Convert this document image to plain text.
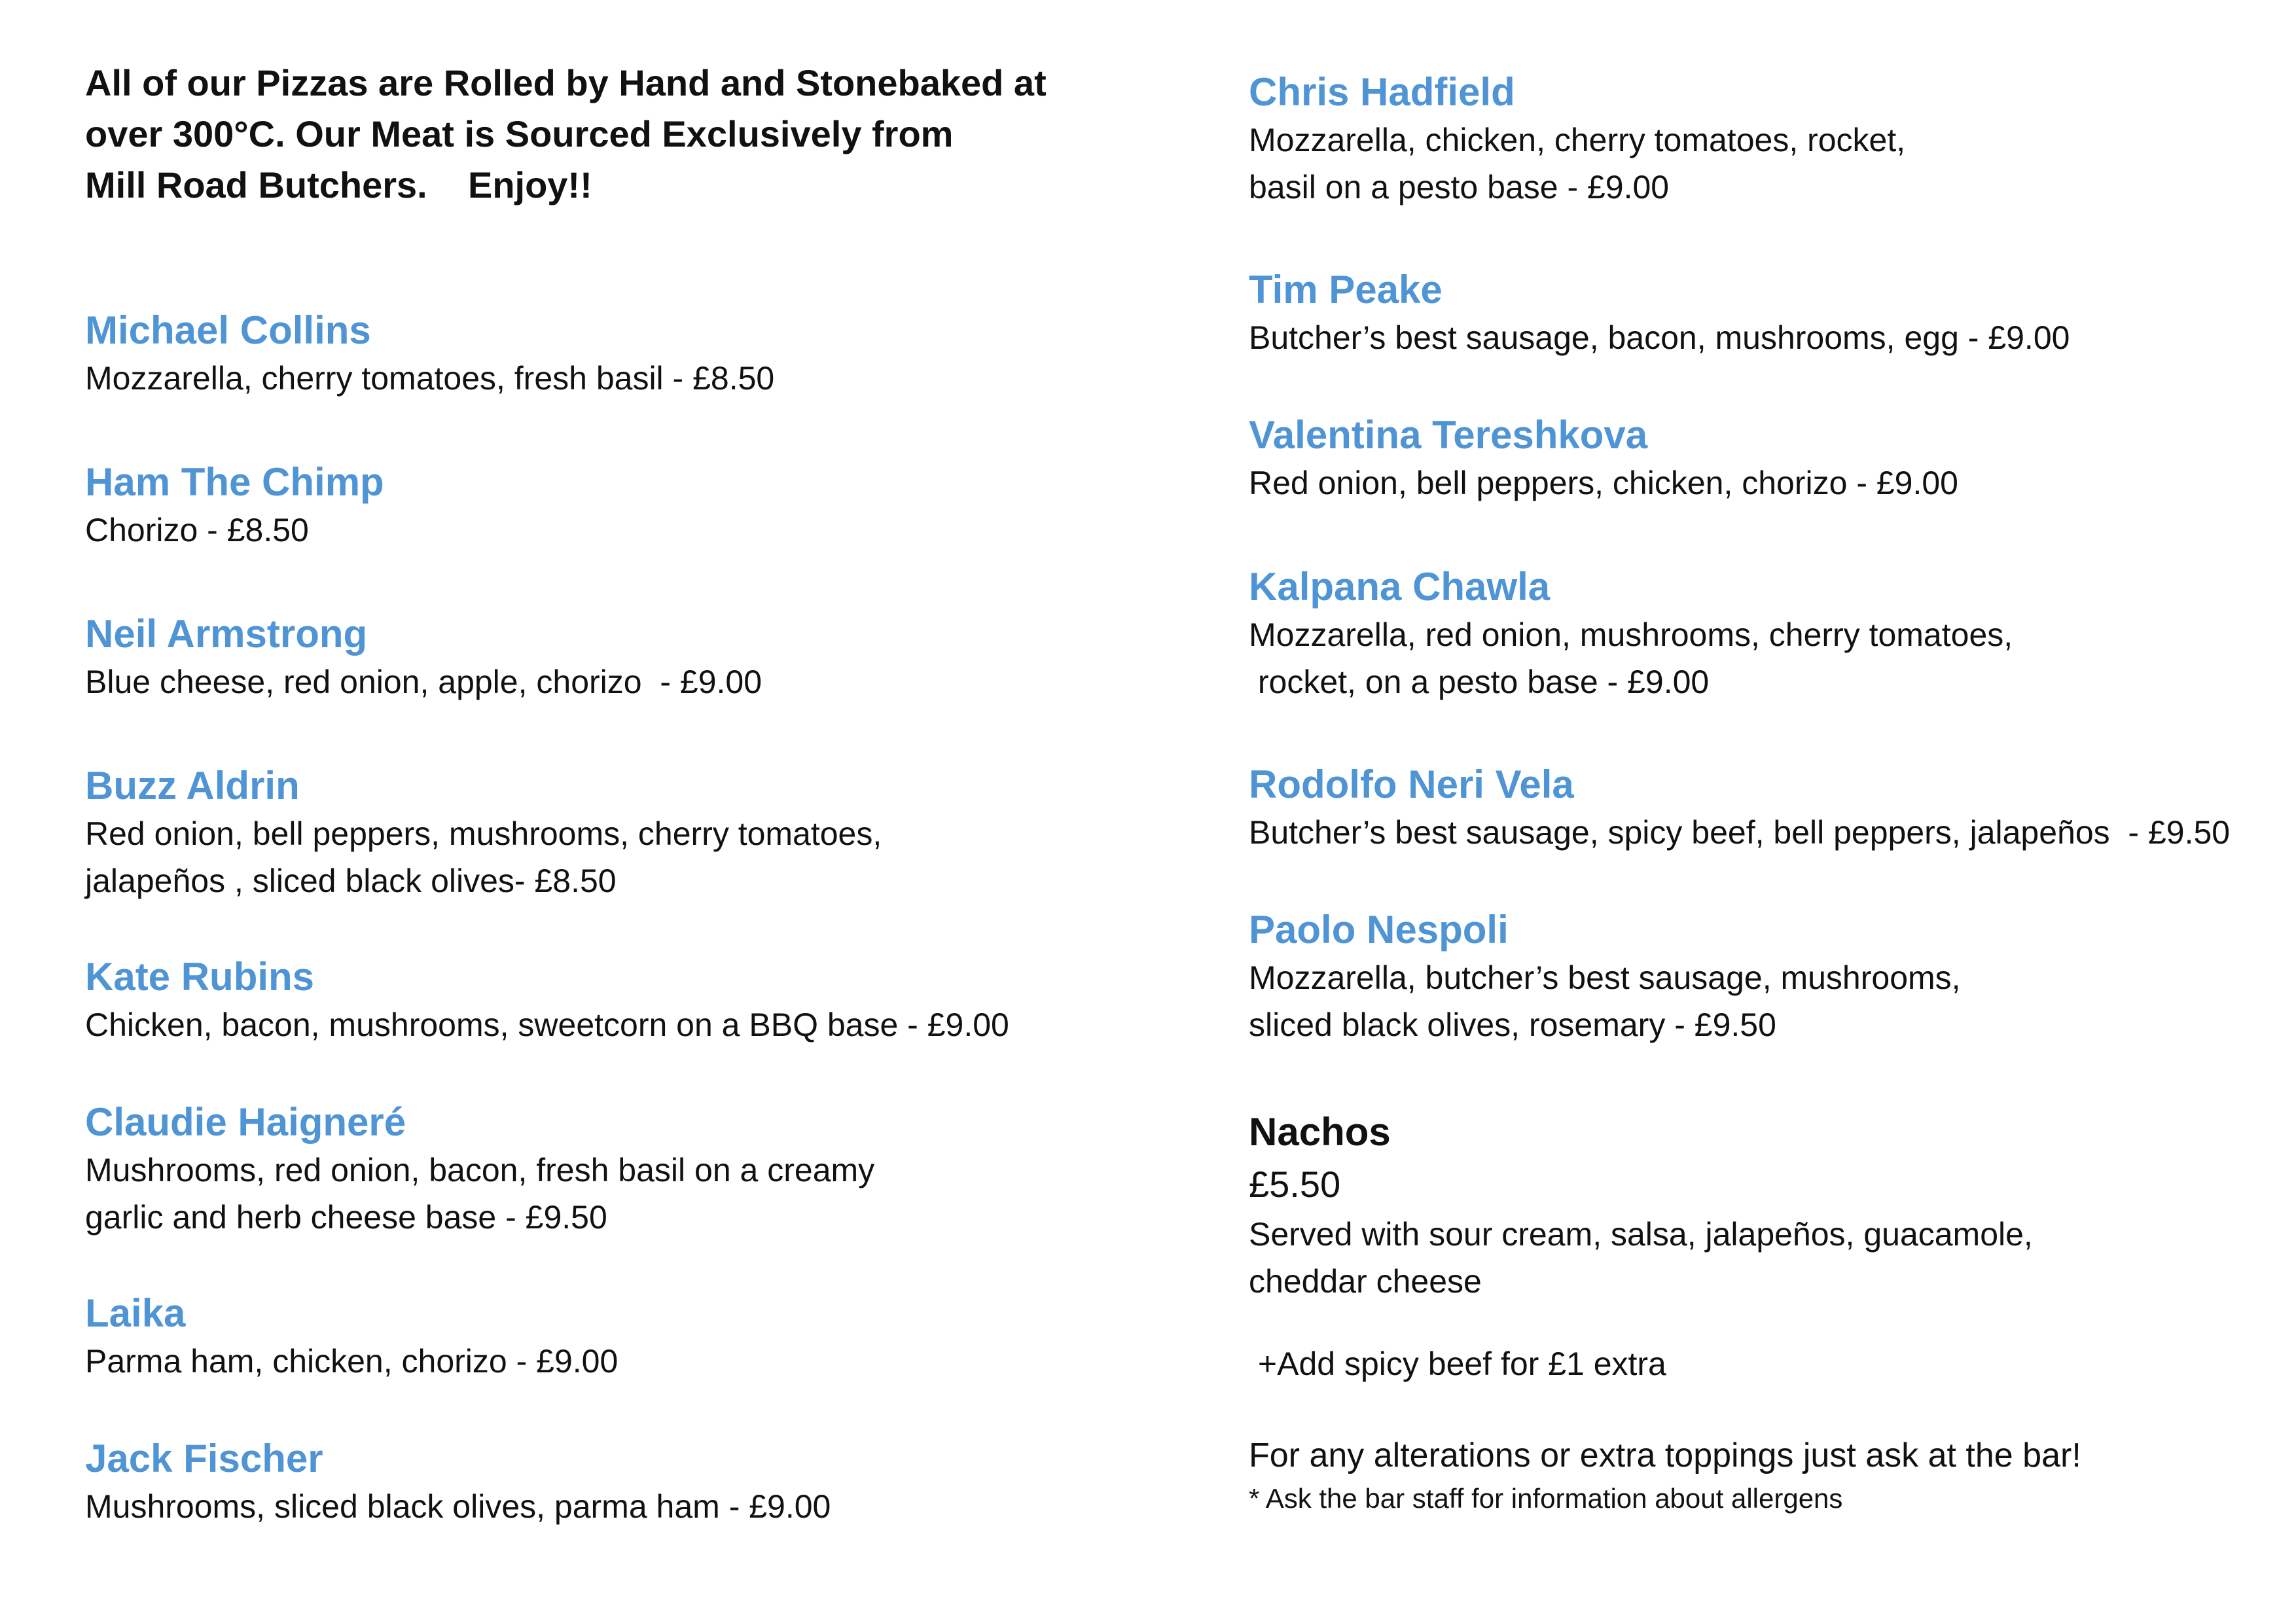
All of our Pizzas are Rolled by Hand and Stonebaked at
over 300°C. Our Meat is Sourced Exclusively from
Mill Road Butchers.    Enjoy!!
Michael Collins
Mozzarella, cherry tomatoes, fresh basil - £8.50
Ham The Chimp
Chorizo - £8.50
Neil Armstrong
Blue cheese, red onion, apple, chorizo  - £9.00
Buzz Aldrin
Red onion, bell peppers, mushrooms, cherry tomatoes,
jalapeños , sliced black olives- £8.50
Kate Rubins
Chicken, bacon, mushrooms, sweetcorn on a BBQ base - £9.00
Claudie Haigneré
Mushrooms, red onion, bacon, fresh basil on a creamy
garlic and herb cheese base - £9.50
Laika
Parma ham, chicken, chorizo - £9.00
Jack Fischer
Mushrooms, sliced black olives, parma ham - £9.00
Chris Hadfield
Mozzarella, chicken, cherry tomatoes, rocket,
basil on a pesto base - £9.00
Tim Peake
Butcher’s best sausage, bacon, mushrooms, egg - £9.00
Valentina Tereshkova
Red onion, bell peppers, chicken, chorizo - £9.00
Kalpana Chawla
Mozzarella, red onion, mushrooms, cherry tomatoes,
rocket, on a pesto base - £9.00
Rodolfo Neri Vela
Butcher’s best sausage, spicy beef, bell peppers, jalapeños  - £9.50
Paolo Nespoli
Mozzarella, butcher’s best sausage, mushrooms,
sliced black olives, rosemary - £9.50
Nachos
£5.50
Served with sour cream, salsa, jalapeños, guacamole,
cheddar cheese
+Add spicy beef for £1 extra
For any alterations or extra toppings just ask at the bar!
* Ask the bar staff for information about allergens
